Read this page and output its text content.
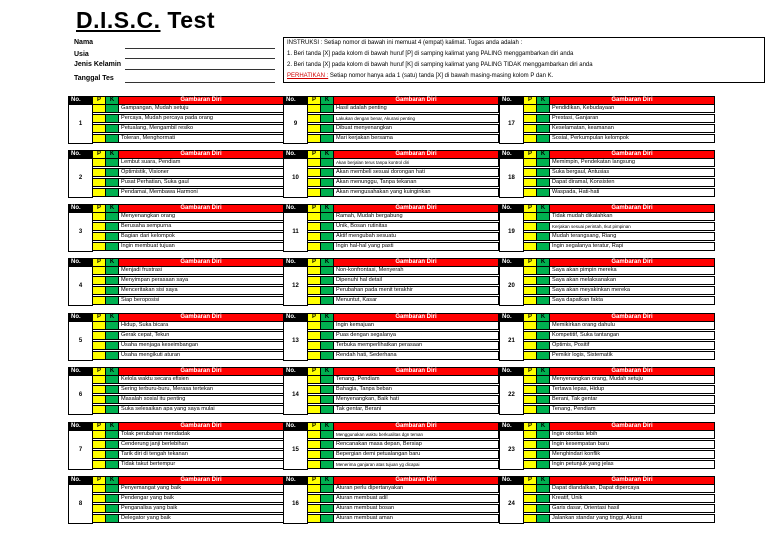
D.I.S.C. Test
Nama
Usia
Jenis Kelamin
Tanggal Tes
INSTRUKSI : Setiap nomor di bawah ini memuat 4 (empat) kalimat. Tugas anda adalah :
1. Beri tanda [X] pada kolom di bawah huruf [P] di samping kalimat yang PALING menggambarkan diri anda
2. Beri tanda [X] pada kolom di bawah huruf [K] di samping kalimat yang PALING TIDAK menggambarkan diri anda
PERHATIKAN : Setiap nomor hanya ada 1 (satu) tanda [X] di bawah masing-masing kolom P dan K.
No.	P	K	Gambaran Diri
1
Gampangan, Mudah setuju
Percaya, Mudah percaya pada orang
Petualang, Mengambil resiko
Toleran, Menghormati
No.	P	K	Gambaran Diri
2
Lembut suara, Pendiam
Optimistik, Visioner
Pusat Perhatian, Suka gaul
Pendamai, Membawa Harmoni
No.	P	K	Gambaran Diri
3
Menyenangkan orang
Berusaha sempurna
Bagian dari kelompok
Ingin membuat tujuan
No.	P	K	Gambaran Diri
4
Menjadi frustrasi
Menyimpan perasaan saya
Menceritakan sisi saya
Siap beroposisi
No.	P	K	Gambaran Diri
5
Hidup, Suka bicara
Gerak cepat, Tekun
Usaha menjaga keseimbangan
Usaha mengikuti aturan
No.	P	K	Gambaran Diri
6
Kelola waktu secara efisien
Sering terburu-buru, Merasa tertekan
Masalah sosial itu penting
Suka selesaikan apa yang saya mulai
No.	P	K	Gambaran Diri
7
Tolak perubahan mendadak
Cenderung janji berlebihan
Tarik diri di tengah tekanan
Tidak takut bertempur
No.	P	K	Gambaran Diri
8
Penyemangat yang baik
Pendengar yang baik
Penganalisa yang baik
Delegator yang baik
No.	P	K	Gambaran Diri
9
Hasil adalah penting
Lakukan dengan benar, Akurasi penting
Dibuat menyenangkan
Mari kerjakan bersama
No.	P	K	Gambaran Diri
10
Akan berjalan terus tanpa kontrol diri
Akan membeli sesuai dorongan hati
Akan menunggu, Tanpa tekanan
Akan mengusahakan yang kuinginkan
No.	P	K	Gambaran Diri
11
Ramah, Mudah bergabung
Unik, Bosan rutinitas
Aktif mengubah sesuatu
Ingin hal-hal yang pasti
No.	P	K	Gambaran Diri
12
Non-konfrontasi, Menyerah
Dipenuhi hal detail
Perubahan pada menit terakhir
Menuntut, Kasar
No.	P	K	Gambaran Diri
13
Ingin kemajuan
Puas dengan segalanya
Terbuka memperlihatkan perasaan
Rendah hati, Sederhana
No.	P	K	Gambaran Diri
14
Tenang, Pendiam
Bahagia, Tanpa beban
Menyenangkan, Baik hati
Tak gentar, Berani
No.	P	K	Gambaran Diri
15
Menggunakan waktu berkualitas dgn teman
Rencanakan masa depan, Bersiap
Bepergian demi petualangan baru
Menerima ganjaran atas tujuan yg dicapai
No.	P	K	Gambaran Diri
16
Aturan perlu dipertanyakan
Aturan membuat adil
Aturan membuat bosan
Aturan membuat aman
No.	P	K	Gambaran Diri
17
Pendidikan, Kebudayaan
Prestasi, Ganjaran
Keselamatan, keamanan
Sosial, Perkumpulan kelompok
No.	P	K	Gambaran Diri
18
Memimpin, Pendekatan langsung
Suka bergaul, Antusias
Dapat diramal, Konsisten
Waspada, Hati-hati
No.	P	K	Gambaran Diri
19
Tidak mudah dikalahkan
Kerjakan sesuai perintah, Ikut pimpinan
Mudah terangsang, Riang
Ingin segalanya teratur, Rapi
No.	P	K	Gambaran Diri
20
Saya akan pimpin mereka
Saya akan melaksanakan
Saya akan meyakinkan mereka
Saya dapatkan fakta
No.	P	K	Gambaran Diri
21
Memikirkan orang dahulu
Kompetitif, Suka tantangan
Optimis, Positif
Pemikir logis, Sistematik
No.	P	K	Gambaran Diri
22
Menyenangkan orang, Mudah setuju
Tertawa lepas, Hidup
Berani, Tak gentar
Tenang, Pendiam
No.	P	K	Gambaran Diri
23
Ingin otoritas lebih
Ingin kesempatan baru
Menghindari konflik
Ingin petunjuk yang jelas
No.	P	K	Gambaran Diri
24
Dapat diandalkan, Dapat dipercaya
Kreatif, Unik
Garis dasar, Orientasi hasil
Jalankan standar yang tinggi, Akurat
